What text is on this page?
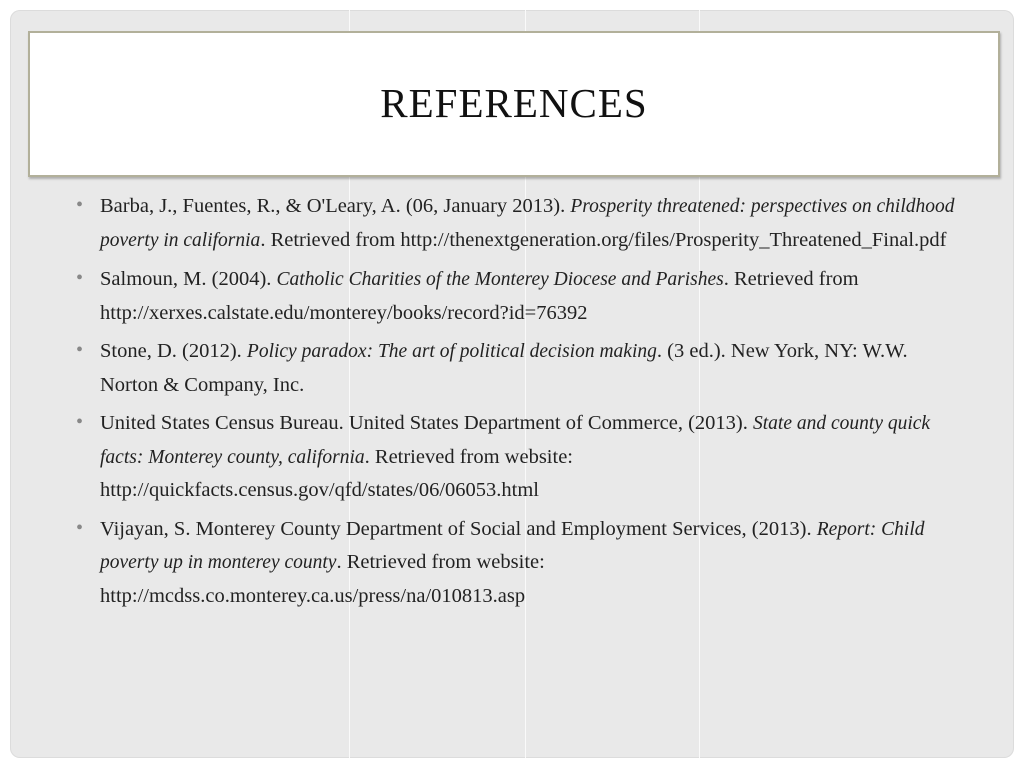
REFERENCES
• Barba, J., Fuentes, R., & O'Leary, A. (06, January 2013). Prosperity threatened: perspectives on childhood poverty in california. Retrieved from http://thenextgeneration.org/files/Prosperity_Threatened_Final.pdf
• Salmoun, M. (2004). Catholic Charities of the Monterey Diocese and Parishes. Retrieved from http://xerxes.calstate.edu/monterey/books/record?id=76392
• Stone, D. (2012). Policy paradox: The art of political decision making. (3 ed.). New York, NY: W.W. Norton & Company, Inc.
• United States Census Bureau. United States Department of Commerce, (2013). State and county quick facts: Monterey county, california. Retrieved from website: http://quickfacts.census.gov/qfd/states/06/06053.html
• Vijayan, S. Monterey County Department of Social and Employment Services, (2013). Report: Child poverty up in monterey county. Retrieved from website: http://mcdss.co.monterey.ca.us/press/na/010813.asp
